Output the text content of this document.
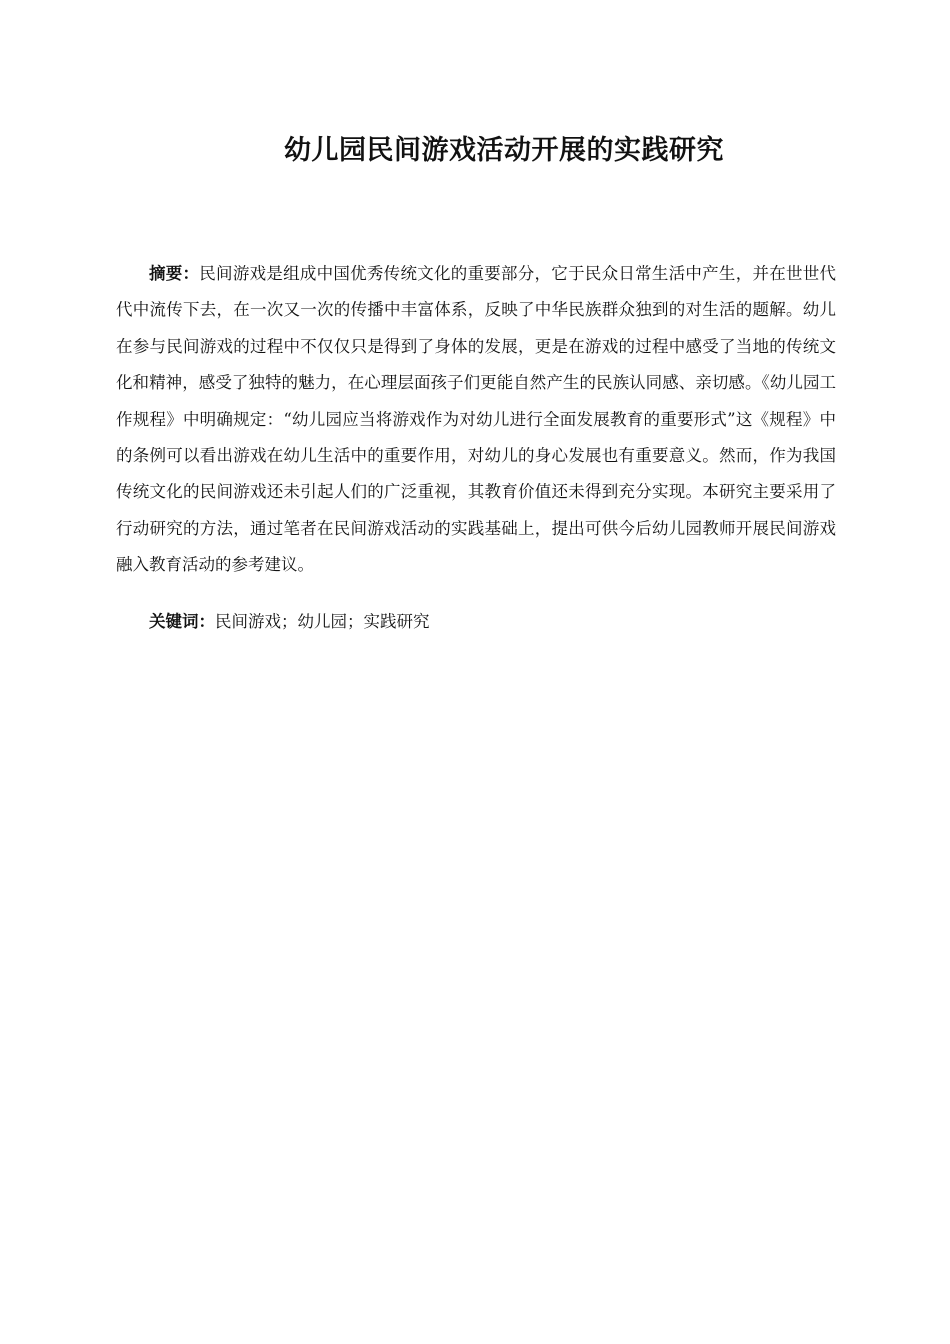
幼儿园民间游戏活动开展的实践研究

摘要：民间游戏是组成中国优秀传统文化的重要部分，它于民众日常生活中产生，并在世世代代中流传下去，在一次又一次的传播中丰富体系，反映了中华民族群众独到的对生活的题解。幼儿在参与民间游戏的过程中不仅仅只是得到了身体的发展，更是在游戏的过程中感受了当地的传统文化和精神，感受了独特的魅力，在心理层面孩子们更能自然产生的民族认同感、亲切感。《幼儿园工作规程》中明确规定：“幼儿园应当将游戏作为对幼儿进行全面发展教育的重要形式”这《规程》中的条例可以看出游戏在幼儿生活中的重要作用，对幼儿的身心发展也有重要意义。然而，作为我国传统文化的民间游戏还未引起人们的广泛重视，其教育价值还未得到充分实现。本研究主要采用了行动研究的方法，通过笔者在民间游戏活动的实践基础上，提出可供今后幼儿园教师开展民间游戏融入教育活动的参考建议。

关键词：民间游戏；幼儿园；实践研究
